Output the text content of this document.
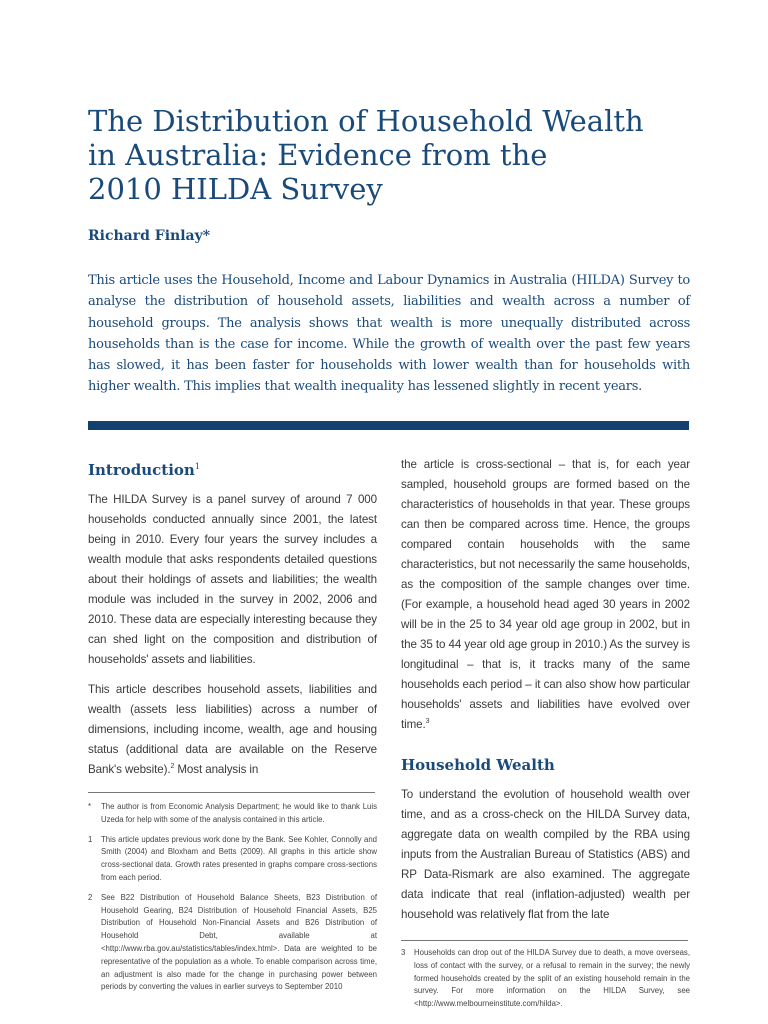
The Distribution of Household Wealth
in Australia: Evidence from the
2010 HILDA Survey

Richard Finlay*

This article uses the Household, Income and Labour Dynamics in Australia (HILDA) Survey to analyse the distribution of household assets, liabilities and wealth across a number of household groups. The analysis shows that wealth is more unequally distributed across households than is the case for income. While the growth of wealth over the past few years has slowed, it has been faster for households with lower wealth than for households with higher wealth. This implies that wealth inequality has lessened slightly in recent years.

Introduction$^1$

The HILDA Survey is a panel survey of around 7 000 households conducted annually since 2001, the latest being in 2010. Every four years the survey includes a wealth module that asks respondents detailed questions about their holdings of assets and liabilities; the wealth module was included in the survey in 2002, 2006 and 2010. These data are especially interesting because they can shed light on the composition and distribution of households' assets and liabilities.

This article describes household assets, liabilities and wealth (assets less liabilities) across a number of dimensions, including income, wealth, age and housing status (additional data are available on the Reserve Bank's website).$^2$ Most analysis in

*	The author is from Economic Analysis Department; he would like to thank Luis Uzeda for help with some of the analysis contained in this article.
1	This article updates previous work done by the Bank. See Kohler, Connolly and Smith (2004) and Bloxham and Betts (2009). All graphs in this article show cross-sectional data. Growth rates presented in graphs compare cross-sections from each period.
2	See B22 Distribution of Household Balance Sheets, B23 Distribution of Household Gearing, B24 Distribution of Household Financial Assets, B25 Distribution of Household Non-Financial Assets and B26 Distribution of Household Debt, available at <http://www.rba.gov.au/statistics/tables/index.html>. Data are weighted to be representative of the population as a whole. To enable comparison across time, an adjustment is also made for the change in purchasing power between periods by converting the values in earlier surveys to September 2010

the article is cross-sectional – that is, for each year sampled, household groups are formed based on the characteristics of households in that year. These groups can then be compared across time. Hence, the groups compared contain households with the same characteristics, but not necessarily the same households, as the composition of the sample changes over time. (For example, a household head aged 30 years in 2002 will be in the 25 to 34 year old age group in 2002, but in the 35 to 44 year old age group in 2010.) As the survey is longitudinal – that is, it tracks many of the same households each period – it can also show how particular households' assets and liabilities have evolved over time.$^3$

Household Wealth

To understand the evolution of household wealth over time, and as a cross-check on the HILDA Survey data, aggregate data on wealth compiled by the RBA using inputs from the Australian Bureau of Statistics (ABS) and RP Data-Rismark are also examined. The aggregate data indicate that real (inflation-adjusted) wealth per household was relatively flat from the late

3	Households can drop out of the HILDA Survey due to death, a move overseas, loss of contact with the survey, or a refusal to remain in the survey; the newly formed households created by the split of an existing household remain in the survey. For more information on the HILDA Survey, see <http://www.melbourneinstitute.com/hilda>.
